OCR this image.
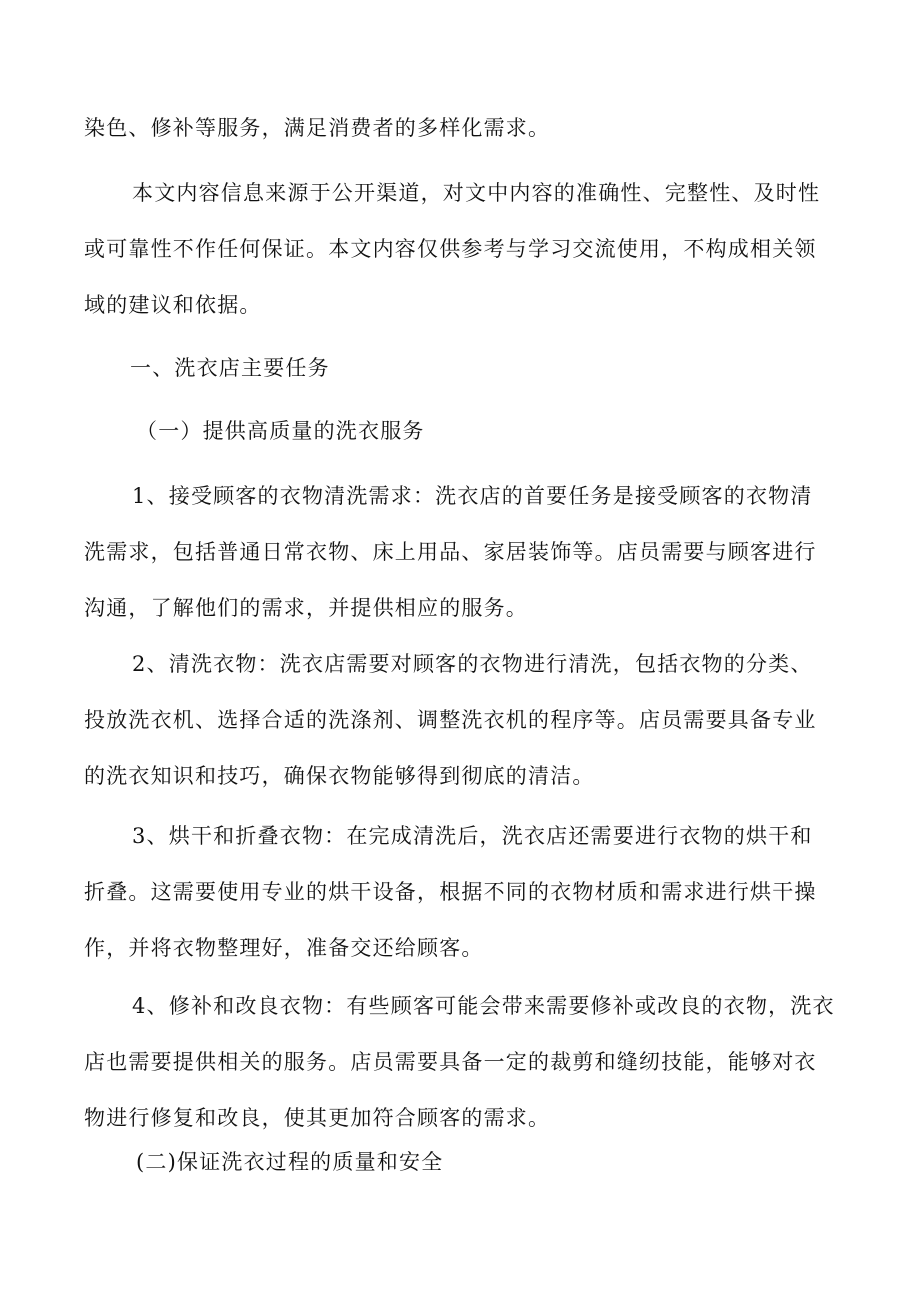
染色、修补等服务，满足消费者的多样化需求。
本文内容信息来源于公开渠道，对文中内容的准确性、完整性、及时性
或可靠性不作任何保证。本文内容仅供参考与学习交流使用，不构成相关领
域的建议和依据。
一、洗衣店主要任务
（一）提供高质量的洗衣服务
1、接受顾客的衣物清洗需求：洗衣店的首要任务是接受顾客的衣物清
洗需求，包括普通日常衣物、床上用品、家居装饰等。店员需要与顾客进行
沟通，了解他们的需求，并提供相应的服务。
2、清洗衣物：洗衣店需要对顾客的衣物进行清洗，包括衣物的分类、
投放洗衣机、选择合适的洗涤剂、调整洗衣机的程序等。店员需要具备专业
的洗衣知识和技巧，确保衣物能够得到彻底的清洁。
3、烘干和折叠衣物：在完成清洗后，洗衣店还需要进行衣物的烘干和
折叠。这需要使用专业的烘干设备，根据不同的衣物材质和需求进行烘干操
作，并将衣物整理好，准备交还给顾客。
4、修补和改良衣物：有些顾客可能会带来需要修补或改良的衣物，洗衣
店也需要提供相关的服务。店员需要具备一定的裁剪和缝纫技能，能够对衣
物进行修复和改良，使其更加符合顾客的需求。
(二)保证洗衣过程的质量和安全
